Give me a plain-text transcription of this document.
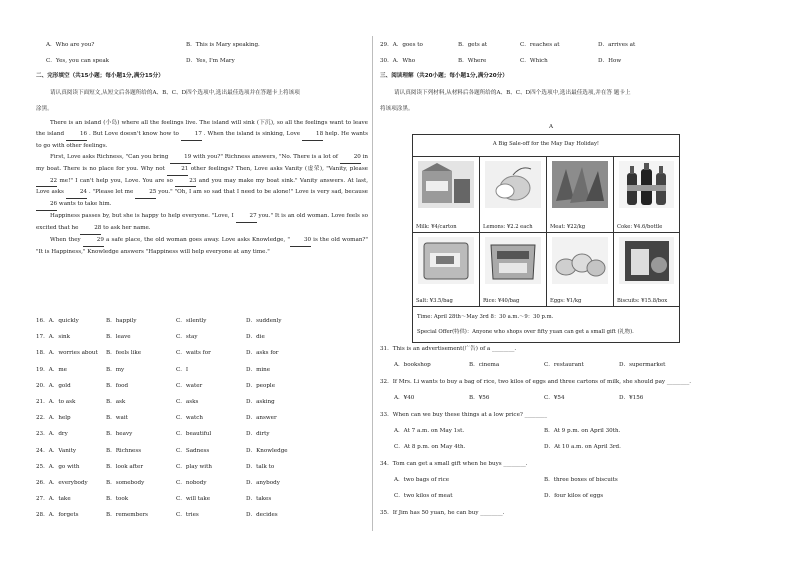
A．Who are you?	B．This is Mary speaking.
C．Yes, you can speak	D．Yes, I'm Mary
二、完形填空（共15小题；每小题1分,满分15分）
请认真阅读下面短文,从短文后各题所给的A、B、C、D四个选项中,选出最佳选项并在答题卡上将该项
涂黑。
There is an island (小岛) where all the feelings live. The island will sink (下沉), so all the feelings want to leave the island	16 . But Love doesn't know how to	17 . When the island is sinking, Love	18 help. He wants to go with other feelings.
First, Love asks Richness, "Can you bring	19 with you?" Richness answers, "No. There is a lot of	20 in my boat. There is no place for you. Why not	21 other feelings? Then, Love asks Vanity (虚荣), "Vanity, please 22 me!" I can't help you, Love. You are so	23 and you may make my boat sink." Vanity answers. At last, Love asks	24 . "Please let me	25 you." "Oh, I am so sad that I need to be alone!" Love is very sad, because 26 wants to take him.
Happiness passes by, but she is happy to help everyone. "Love, I	27 you." It is an old woman. Love feels so excited that he	28 to ask her name.
When they	29 a safe place, the old woman goes away. Love asks Knowledge, "	30 is the old woman?" "It is Happiness," Knowledge answers "Happiness will help everyone at any time."
16．A．quickly	B．happily	C．silently	D．suddenly
17．A．sink	B．leave	C．stay	D．die
18．A．worries about B．feels like	C．waits for	D．asks for
19．A．me	B．my	C．I	D．mine
20．A．gold	B．food	C．water	D．people
21．A．to ask	B．ask	C．asks	D．asking
22．A．help	B．wait	C．watch	D．answer
23．A．dry	B．heavy	C．beautiful	D．dirty
24．A．Vanity	B．Richness	C．Sadness	D．Knowledge
25．A．go with	B．look after	C．play with	D．talk to
26．A．everybody	B．somebody	C．nobody	D．anybody
27．A．take	B．took	C．will take	D．takes
28．A．forgets	B．remembers	C．tries	D．decides
29．A．goes to	B．gets at	C．reaches at	D．arrives at
30．A．Who	B．Where	C．Which	D．How
三、阅读理解（共20小题；每小题1分,满分20分）
请认真阅读下列材料,从材料后各题所给的A、B、C、D四个选项中,选出最佳选项,并在答 题卡上
将该项涂黑。
A
31．This is an advertisement(广告) of a ________.
A．bookshop	B．cinema	C．restaurant	D．supermarket
32．If Mrs. Li wants to buy a bag of rice, two kilos of eggs and three cartons of milk, she should pay ________.
A．¥40	B．¥56	C．¥54	D．¥156
33．When can we buy these things at a low price? ________
A．At 7 a.m. on May 1st.	B．At 9 p.m. on April 30th.
C．At 8 p.m. on May 4th.	D．At 10 a.m. on April 3rd.
34．Tom can get a small gift when he buys ________.
A．two bags of rice	B．three boxes of biscuits
C．two kilos of meat	D．four kilos of eggs
35．If Jim has 50 yuan, he can buy ________.
A Big Sale-off for the May Day Holiday!
Milk: ¥4/carton	Lemons: ¥2.2 each	Meat: ¥22/kg	Coke: ¥4.6/bottle
Salt: ¥3.5/bag	Rice: ¥40/bag	Eggs: ¥1/kg	Biscuits: ¥15.8/box
Time: April 28th～May 3rd 8：30 a.m.～9：30 p.m.
Special Offer(特供)：Anyone who shops over fifty yuan can get a small gift (礼物).
